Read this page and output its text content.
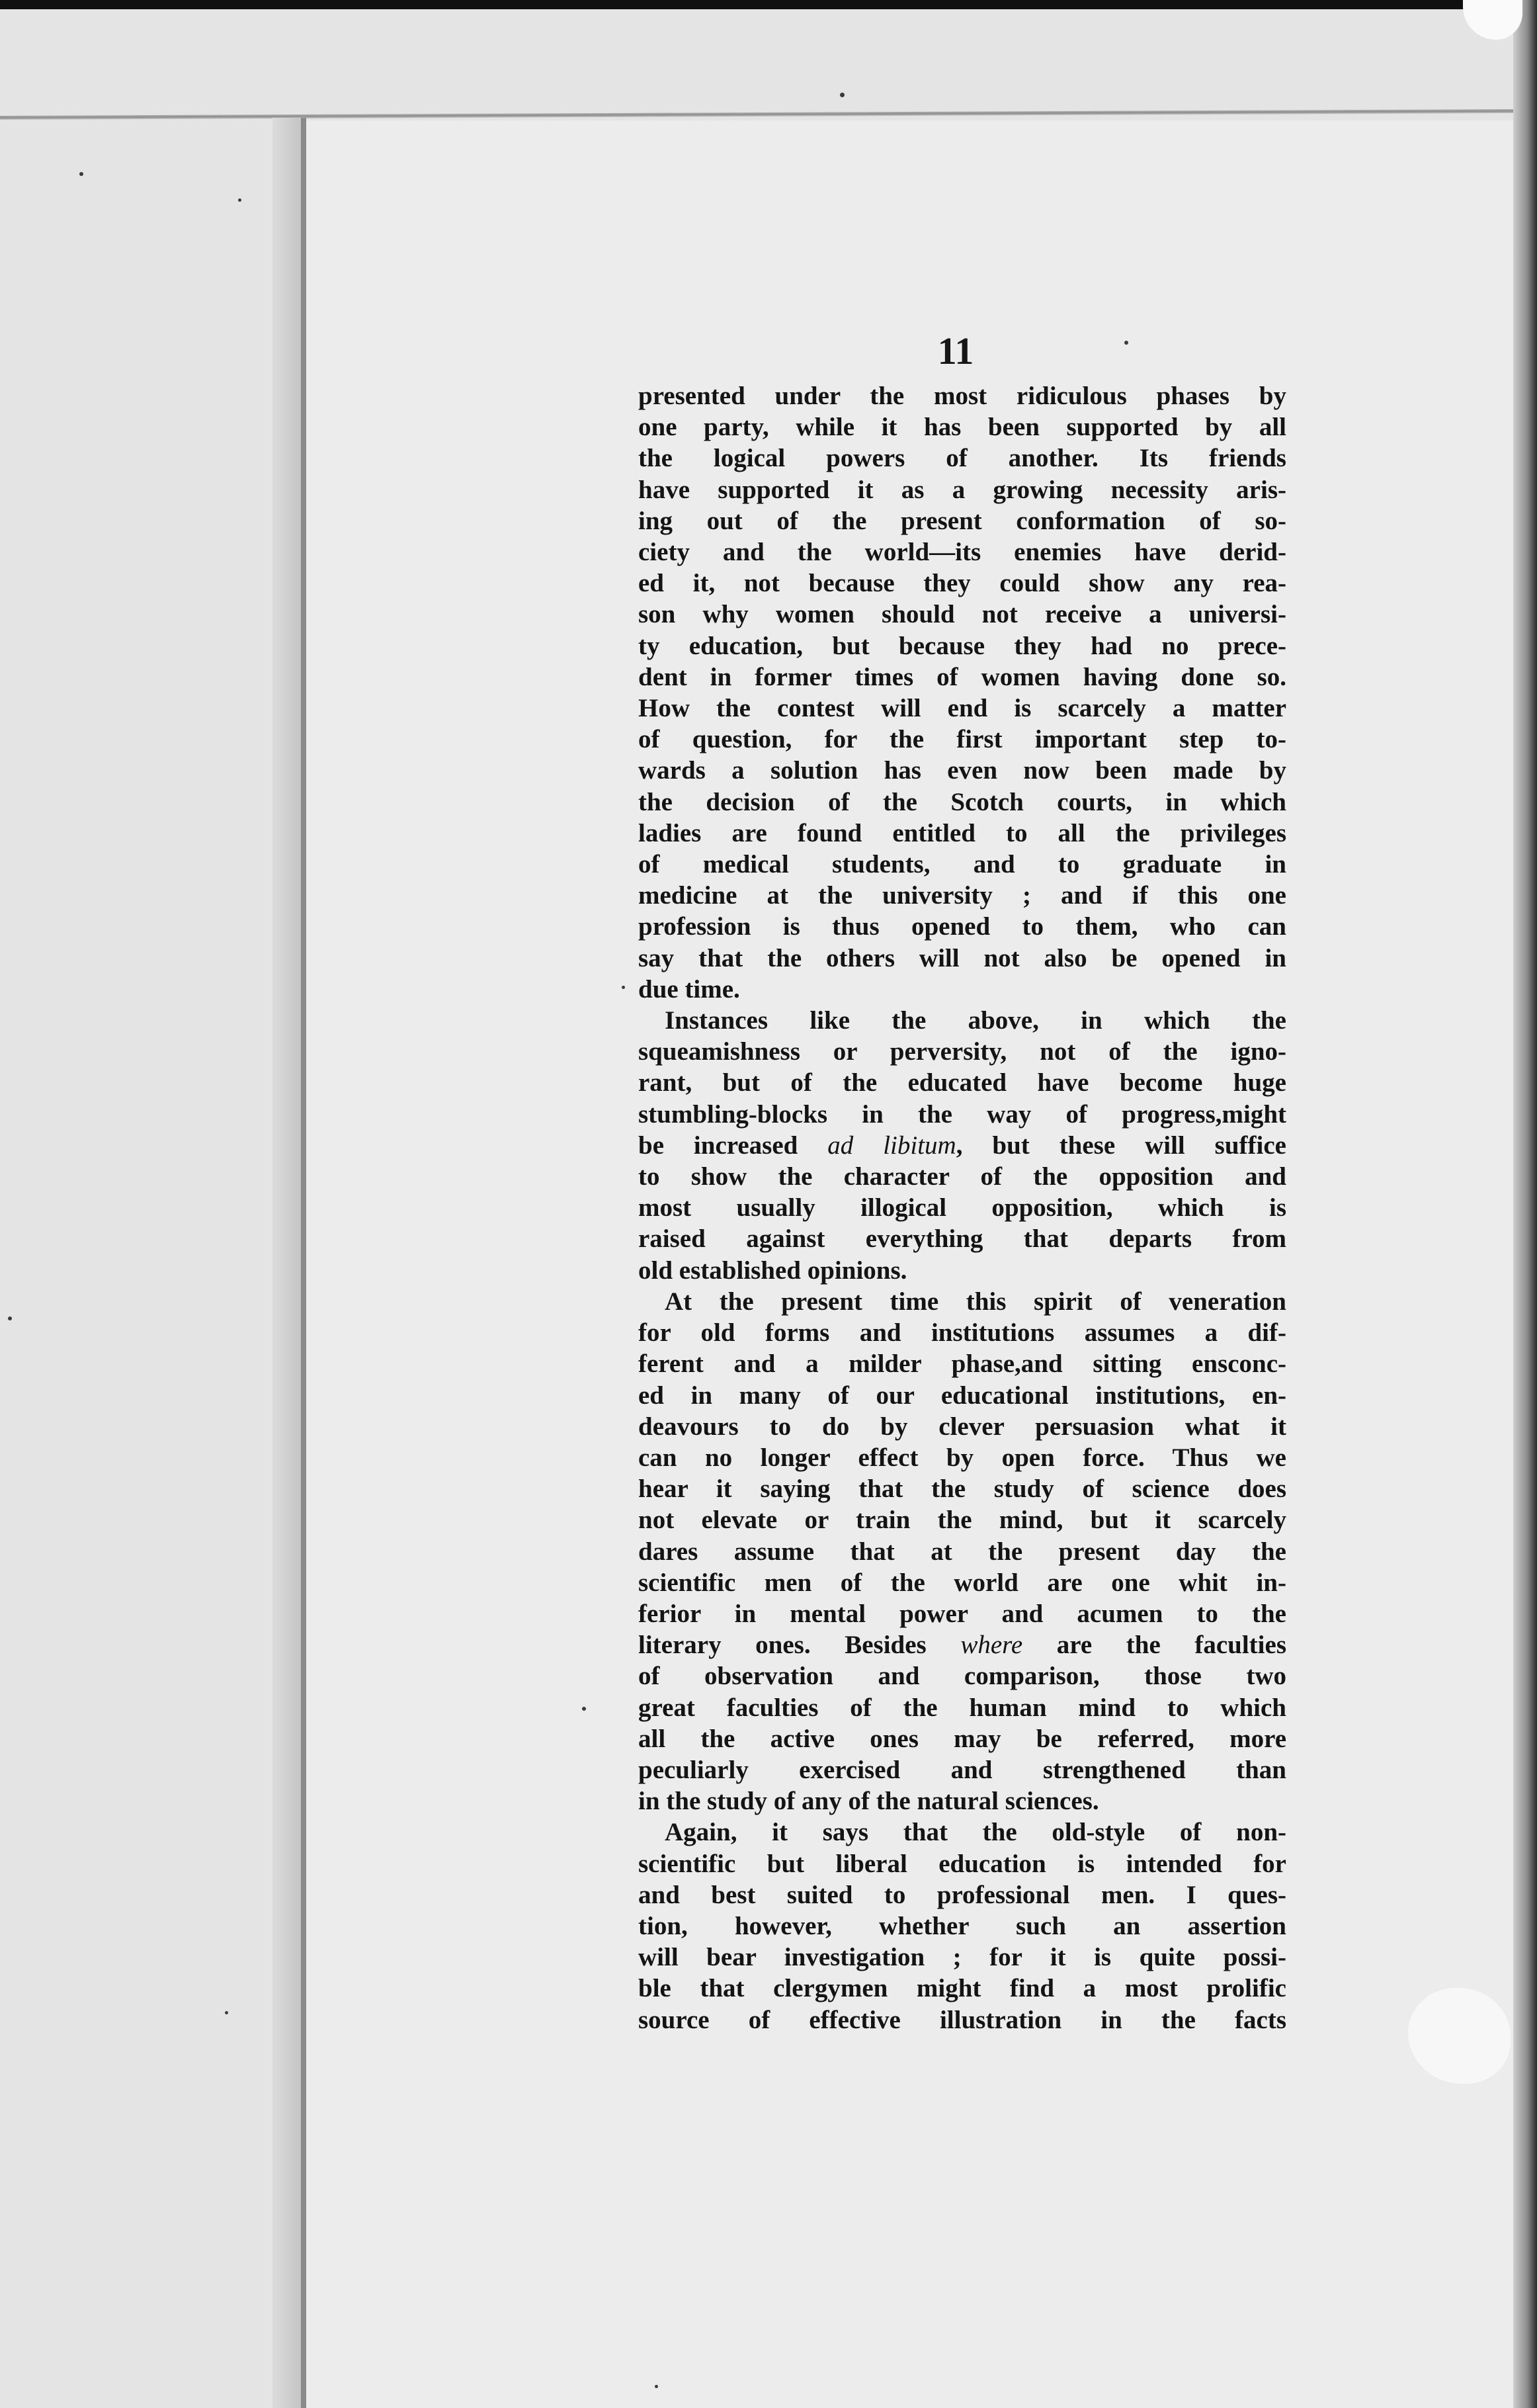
11
presented under the most ridiculous phases by
one party, while it has been supported by all
the logical powers of another. Its friends
have supported it as a growing necessity aris-
ing out of the present conformation of so-
ciety and the world—its enemies have derid-
ed it, not because they could show any rea-
son why women should not receive a universi-
ty education, but because they had no prece-
dent in former times of women having done so.
How the contest will end is scarcely a matter
of question, for the first important step to-
wards a solution has even now been made by
the decision of the Scotch courts, in which
ladies are found entitled to all the privileges
of medical students, and to graduate in
medicine at the university ; and if this one
profession is thus opened to them, who can
say that the others will not also be opened in
due time.
Instances like the above, in which the
squeamishness or perversity, not of the igno-
rant, but of the educated have become huge
stumbling-blocks in the way of progress,might
be increased ad libitum, but these will suffice
to show the character of the opposition and
most usually illogical opposition, which is
raised against everything that departs from
old established opinions.
At the present time this spirit of veneration
for old forms and institutions assumes a dif-
ferent and a milder phase,and sitting ensconc-
ed in many of our educational institutions, en-
deavours to do by clever persuasion what it
can no longer effect by open force. Thus we
hear it saying that the study of science does
not elevate or train the mind, but it scarcely
dares assume that at the present day the
scientific men of the world are one whit in-
ferior in mental power and acumen to the
literary ones. Besides where are the faculties
of observation and comparison, those two
great faculties of the human mind to which
all the active ones may be referred, more
peculiarly exercised and strengthened than
in the study of any of the natural sciences.
Again, it says that the old-style of non-
scientific but liberal education is intended for
and best suited to professional men. I ques-
tion, however, whether such an assertion
will bear investigation ; for it is quite possi-
ble that clergymen might find a most prolific
source of effective illustration in the facts
